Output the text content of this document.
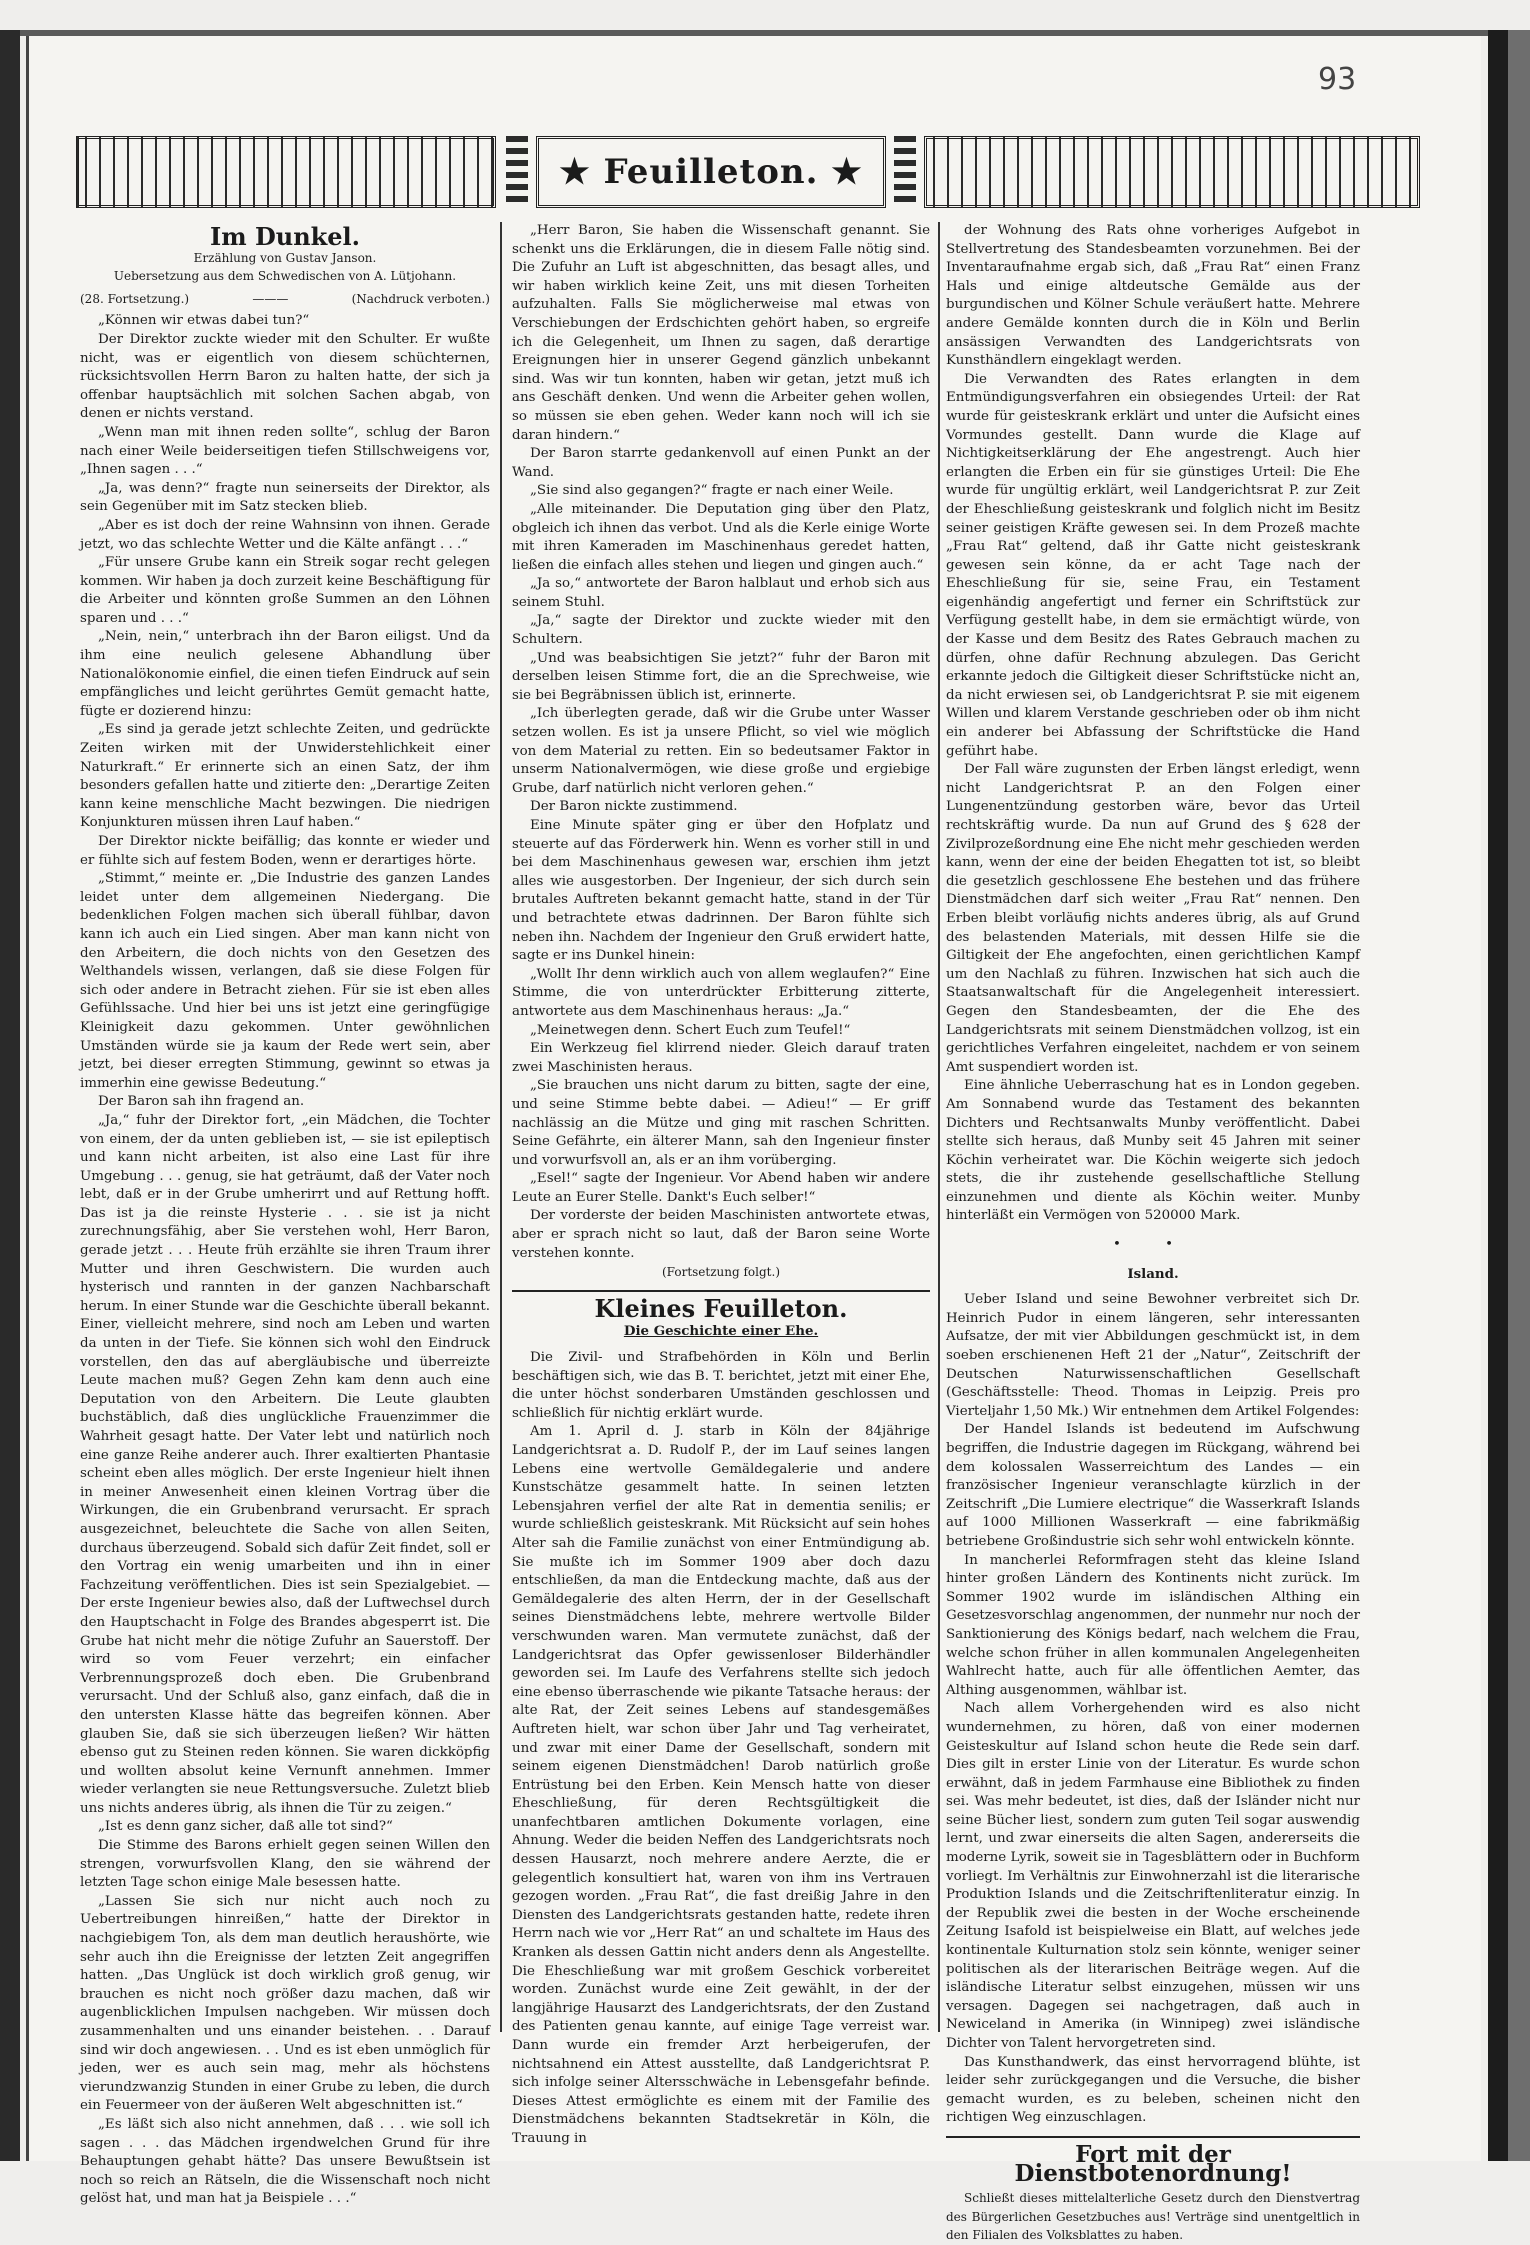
93
★ Feuilleton. ★
Im Dunkel.

Erzählung von Gustav Janson.

Uebersetzung aus dem Schwedischen von A. Lütjohann.

(28. Fortsetzung.)	———	(Nachdruck verboten.)

„Können wir etwas dabei tun?“

Der Direktor zuckte wieder mit den Schulter. Er wußte nicht, was er eigentlich von diesem schüchternen, rücksichtsvollen Herrn Baron zu halten hatte, der sich ja offenbar hauptsächlich mit solchen Sachen abgab, von denen er nichts verstand.

„Wenn man mit ihnen reden sollte“, schlug der Baron nach einer Weile beiderseitigen tiefen Stillschweigens vor, „Ihnen sagen . . .“

„Ja, was denn?“ fragte nun seinerseits der Direktor, als sein Gegenüber mit im Satz stecken blieb.

„Aber es ist doch der reine Wahnsinn von ihnen. Gerade jetzt, wo das schlechte Wetter und die Kälte anfängt . . .“

„Für unsere Grube kann ein Streik sogar recht gelegen kommen. Wir haben ja doch zurzeit keine Beschäftigung für die Arbeiter und könnten große Summen an den Löhnen sparen und . . .“

„Nein, nein,“ unterbrach ihn der Baron eiligst. Und da ihm eine neulich gelesene Abhandlung über Nationalökonomie einfiel, die einen tiefen Eindruck auf sein empfängliches und leicht gerührtes Gemüt gemacht hatte, fügte er dozierend hinzu:

„Es sind ja gerade jetzt schlechte Zeiten, und gedrückte Zeiten wirken mit der Unwiderstehlichkeit einer Naturkraft.“ Er erinnerte sich an einen Satz, der ihm besonders gefallen hatte und zitierte den: „Derartige Zeiten kann keine menschliche Macht bezwingen. Die niedrigen Konjunkturen müssen ihren Lauf haben.“

Der Direktor nickte beifällig; das konnte er wieder und er fühlte sich auf festem Boden, wenn er derartiges hörte.

„Stimmt,“ meinte er. „Die Industrie des ganzen Landes leidet unter dem allgemeinen Niedergang. Die bedenklichen Folgen machen sich überall fühlbar, davon kann ich auch ein Lied singen. Aber man kann nicht von den Arbeitern, die doch nichts von den Gesetzen des Welthandels wissen, verlangen, daß sie diese Folgen für sich oder andere in Betracht ziehen. Für sie ist eben alles Gefühlssache. Und hier bei uns ist jetzt eine geringfügige Kleinigkeit dazu gekommen. Unter gewöhnlichen Umständen würde sie ja kaum der Rede wert sein, aber jetzt, bei dieser erregten Stimmung, gewinnt so etwas ja immerhin eine gewisse Bedeutung.“

Der Baron sah ihn fragend an.

„Ja,“ fuhr der Direktor fort, „ein Mädchen, die Tochter von einem, der da unten geblieben ist, — sie ist epileptisch und kann nicht arbeiten, ist also eine Last für ihre Umgebung . . . genug, sie hat geträumt, daß der Vater noch lebt, daß er in der Grube umherirrt und auf Rettung hofft. Das ist ja die reinste Hysterie . . . sie ist ja nicht zurechnungsfähig, aber Sie verstehen wohl, Herr Baron, gerade jetzt . . . Heute früh erzählte sie ihren Traum ihrer Mutter und ihren Geschwistern. Die wurden auch hysterisch und rannten in der ganzen Nachbarschaft herum. In einer Stunde war die Geschichte überall bekannt. Einer, vielleicht mehrere, sind noch am Leben und warten da unten in der Tiefe. Sie können sich wohl den Eindruck vorstellen, den das auf abergläubische und überreizte Leute machen muß? Gegen Zehn kam denn auch eine Deputation von den Arbeitern. Die Leute glaubten buchstäblich, daß dies unglückliche Frauenzimmer die Wahrheit gesagt hatte. Der Vater lebt und natürlich noch eine ganze Reihe anderer auch. Ihrer exaltierten Phantasie scheint eben alles möglich. Der erste Ingenieur hielt ihnen in meiner Anwesenheit einen kleinen Vortrag über die Wirkungen, die ein Grubenbrand verursacht. Er sprach ausgezeichnet, beleuchtete die Sache von allen Seiten, durchaus überzeugend. Sobald sich dafür Zeit findet, soll er den Vortrag ein wenig umarbeiten und ihn in einer Fachzeitung veröffentlichen. Dies ist sein Spezialgebiet. — Der erste Ingenieur bewies also, daß der Luftwechsel durch den Hauptschacht in Folge des Brandes abgesperrt ist. Die Grube hat nicht mehr die nötige Zufuhr an Sauerstoff. Der wird so vom Feuer verzehrt; ein einfacher Verbrennungsprozeß doch eben. Die Grubenbrand verursacht. Und der Schluß also, ganz einfach, daß die in den untersten Klasse hätte das begreifen können. Aber glauben Sie, daß sie sich überzeugen ließen? Wir hätten ebenso gut zu Steinen reden können. Sie waren dickköpfig und wollten absolut keine Vernunft annehmen. Immer wieder verlangten sie neue Rettungsversuche. Zuletzt blieb uns nichts anderes übrig, als ihnen die Tür zu zeigen.“

„Ist es denn ganz sicher, daß alle tot sind?“

Die Stimme des Barons erhielt gegen seinen Willen den strengen, vorwurfsvollen Klang, den sie während der letzten Tage schon einige Male besessen hatte.

„Lassen Sie sich nur nicht auch noch zu Uebertreibungen hinreißen,“ hatte der Direktor in nachgiebigem Ton, als dem man deutlich heraushörte, wie sehr auch ihn die Ereignisse der letzten Zeit angegriffen hatten. „Das Unglück ist doch wirklich groß genug, wir brauchen es nicht noch größer dazu machen, daß wir augenblicklichen Impulsen nachgeben. Wir müssen doch zusammenhalten und uns einander beistehen. . . Darauf sind wir doch angewiesen. . . Und es ist eben unmöglich für jeden, wer es auch sein mag, mehr als höchstens vierundzwanzig Stunden in einer Grube zu leben, die durch ein Feuermeer von der äußeren Welt abgeschnitten ist.“

„Es läßt sich also nicht annehmen, daß . . . wie soll ich sagen . . . das Mädchen irgendwelchen Grund für ihre Behauptungen gehabt hätte? Das unsere Bewußtsein ist noch so reich an Rätseln, die die Wissenschaft noch nicht gelöst hat, und man hat ja Beispiele . . .“

„Herr Baron, Sie haben die Wissenschaft genannt. Sie schenkt uns die Erklärungen, die in diesem Falle nötig sind. Die Zufuhr an Luft ist abgeschnitten, das besagt alles, und wir haben wirklich keine Zeit, uns mit diesen Torheiten aufzuhalten. Falls Sie möglicherweise mal etwas von Verschiebungen der Erdschichten gehört haben, so ergreife ich die Gelegenheit, um Ihnen zu sagen, daß derartige Ereignungen hier in unserer Gegend gänzlich unbekannt sind. Was wir tun konnten, haben wir getan, jetzt muß ich ans Geschäft denken. Und wenn die Arbeiter gehen wollen, so müssen sie eben gehen. Weder kann noch will ich sie daran hindern.“

Der Baron starrte gedankenvoll auf einen Punkt an der Wand.

„Sie sind also gegangen?“ fragte er nach einer Weile.

„Alle miteinander. Die Deputation ging über den Platz, obgleich ich ihnen das verbot. Und als die Kerle einige Worte mit ihren Kameraden im Maschinenhaus geredet hatten, ließen die einfach alles stehen und liegen und gingen auch.“

„Ja so,“ antwortete der Baron halblaut und erhob sich aus seinem Stuhl.

„Ja,“ sagte der Direktor und zuckte wieder mit den Schultern.

„Und was beabsichtigen Sie jetzt?“ fuhr der Baron mit derselben leisen Stimme fort, die an die Sprechweise, wie sie bei Begräbnissen üblich ist, erinnerte.

„Ich überlegten gerade, daß wir die Grube unter Wasser setzen wollen. Es ist ja unsere Pflicht, so viel wie möglich von dem Material zu retten. Ein so bedeutsamer Faktor in unserm Nationalvermögen, wie diese große und ergiebige Grube, darf natürlich nicht verloren gehen.“

Der Baron nickte zustimmend.

Eine Minute später ging er über den Hofplatz und steuerte auf das Förderwerk hin. Wenn es vorher still in und bei dem Maschinenhaus gewesen war, erschien ihm jetzt alles wie ausgestorben. Der Ingenieur, der sich durch sein brutales Auftreten bekannt gemacht hatte, stand in der Tür und betrachtete etwas dadrinnen. Der Baron fühlte sich neben ihn. Nachdem der Ingenieur den Gruß erwidert hatte, sagte er ins Dunkel hinein:

„Wollt Ihr denn wirklich auch von allem weglaufen?“ Eine Stimme, die von unterdrückter Erbitterung zitterte, antwortete aus dem Maschinenhaus heraus: „Ja.“

„Meinetwegen denn. Schert Euch zum Teufel!“

Ein Werkzeug fiel klirrend nieder. Gleich darauf traten zwei Maschinisten heraus.

„Sie brauchen uns nicht darum zu bitten, sagte der eine, und seine Stimme bebte dabei. — Adieu!“ — Er griff nachlässig an die Mütze und ging mit raschen Schritten. Seine Gefährte, ein älterer Mann, sah den Ingenieur finster und vorwurfsvoll an, als er an ihm vorüberging.

„Esel!“ sagte der Ingenieur. Vor Abend haben wir andere Leute an Eurer Stelle. Dankt's Euch selber!“

Der vorderste der beiden Maschinisten antwortete etwas, aber er sprach nicht so laut, daß der Baron seine Worte verstehen konnte.

(Fortsetzung folgt.)

Kleines Feuilleton.
Die Geschichte einer Ehe.

Die Zivil- und Strafbehörden in Köln und Berlin beschäftigen sich, wie das B. T. berichtet, jetzt mit einer Ehe, die unter höchst sonderbaren Umständen geschlossen und schließlich für nichtig erklärt wurde.

Am 1. April d. J. starb in Köln der 84jährige Landgerichtsrat a. D. Rudolf P., der im Lauf seines langen Lebens eine wertvolle Gemäldegalerie und andere Kunstschätze gesammelt hatte. In seinen letzten Lebensjahren verfiel der alte Rat in dementia senilis; er wurde schließlich geisteskrank. Mit Rücksicht auf sein hohes Alter sah die Familie zunächst von einer Entmündigung ab. Sie mußte ich im Sommer 1909 aber doch dazu entschließen, da man die Entdeckung machte, daß aus der Gemäldegalerie des alten Herrn, der in der Gesellschaft seines Dienstmädchens lebte, mehrere wertvolle Bilder verschwunden waren. Man vermutete zunächst, daß der Landgerichtsrat das Opfer gewissenloser Bilderhändler geworden sei. Im Laufe des Verfahrens stellte sich jedoch eine ebenso überraschende wie pikante Tatsache heraus: der alte Rat, der Zeit seines Lebens auf standesgemäßes Auftreten hielt, war schon über Jahr und Tag verheiratet, und zwar mit einer Dame der Gesellschaft, sondern mit seinem eigenen Dienstmädchen! Darob natürlich große Entrüstung bei den Erben. Kein Mensch hatte von dieser Eheschließung, für deren Rechtsgültigkeit die unanfechtbaren amtlichen Dokumente vorlagen, eine Ahnung. Weder die beiden Neffen des Landgerichtsrats noch dessen Hausarzt, noch mehrere andere Aerzte, die er gelegentlich konsultiert hat, waren von ihm ins Vertrauen gezogen worden. „Frau Rat“, die fast dreißig Jahre in den Diensten des Landgerichtsrats gestanden hatte, redete ihren Herrn nach wie vor „Herr Rat“ an und schaltete im Haus des Kranken als dessen Gattin nicht anders denn als Angestellte. Die Eheschließung war mit großem Geschick vorbereitet worden. Zunächst wurde eine Zeit gewählt, in der der langjährige Hausarzt des Landgerichtsrats, der den Zustand des Patienten genau kannte, auf einige Tage verreist war. Dann wurde ein fremder Arzt herbeigerufen, der nichtsahnend ein Attest ausstellte, daß Landgerichtsrat P. sich infolge seiner Altersschwäche in Lebensgefahr befinde. Dieses Attest ermöglichte es einem mit der Familie des Dienstmädchens bekannten Stadtsekretär in Köln, die Trauung in

der Wohnung des Rats ohne vorheriges Aufgebot in Stellvertretung des Standesbeamten vorzunehmen. Bei der Inventaraufnahme ergab sich, daß „Frau Rat“ einen Franz Hals und einige altdeutsche Gemälde aus der burgundischen und Kölner Schule veräußert hatte. Mehrere andere Gemälde konnten durch die in Köln und Berlin ansässigen Verwandten des Landgerichtsrats von Kunsthändlern eingeklagt werden.

Die Verwandten des Rates erlangten in dem Entmündigungsverfahren ein obsiegendes Urteil: der Rat wurde für geisteskrank erklärt und unter die Aufsicht eines Vormundes gestellt. Dann wurde die Klage auf Nichtigkeitserklärung der Ehe angestrengt. Auch hier erlangten die Erben ein für sie günstiges Urteil: Die Ehe wurde für ungültig erklärt, weil Landgerichtsrat P. zur Zeit der Eheschließung geisteskrank und folglich nicht im Besitz seiner geistigen Kräfte gewesen sei. In dem Prozeß machte „Frau Rat“ geltend, daß ihr Gatte nicht geisteskrank gewesen sein könne, da er acht Tage nach der Eheschließung für sie, seine Frau, ein Testament eigenhändig angefertigt und ferner ein Schriftstück zur Verfügung gestellt habe, in dem sie ermächtigt würde, von der Kasse und dem Besitz des Rates Gebrauch machen zu dürfen, ohne dafür Rechnung abzulegen. Das Gericht erkannte jedoch die Giltigkeit dieser Schriftstücke nicht an, da nicht erwiesen sei, ob Landgerichtsrat P. sie mit eigenem Willen und klarem Verstande geschrieben oder ob ihm nicht ein anderer bei Abfassung der Schriftstücke die Hand geführt habe.

Der Fall wäre zugunsten der Erben längst erledigt, wenn nicht Landgerichtsrat P. an den Folgen einer Lungenentzündung gestorben wäre, bevor das Urteil rechtskräftig wurde. Da nun auf Grund des § 628 der Zivilprozeßordnung eine Ehe nicht mehr geschieden werden kann, wenn der eine der beiden Ehegatten tot ist, so bleibt die gesetzlich geschlossene Ehe bestehen und das frühere Dienstmädchen darf sich weiter „Frau Rat“ nennen. Den Erben bleibt vorläufig nichts anderes übrig, als auf Grund des belastenden Materials, mit dessen Hilfe sie die Giltigkeit der Ehe angefochten, einen gerichtlichen Kampf um den Nachlaß zu führen. Inzwischen hat sich auch die Staatsanwaltschaft für die Angelegenheit interessiert. Gegen den Standesbeamten, der die Ehe des Landgerichtsrats mit seinem Dienstmädchen vollzog, ist ein gerichtliches Verfahren eingeleitet, nachdem er von seinem Amt suspendiert worden ist.

Eine ähnliche Ueberraschung hat es in London gegeben. Am Sonnabend wurde das Testament des bekannten Dichters und Rechtsanwalts Munby veröffentlicht. Dabei stellte sich heraus, daß Munby seit 45 Jahren mit seiner Köchin verheiratet war. Die Köchin weigerte sich jedoch stets, die ihr zustehende gesellschaftliche Stellung einzunehmen und diente als Köchin weiter. Munby hinterläßt ein Vermögen von 520000 Mark.

• •
Island.

Ueber Island und seine Bewohner verbreitet sich Dr. Heinrich Pudor in einem längeren, sehr interessanten Aufsatze, der mit vier Abbildungen geschmückt ist, in dem soeben erschienenen Heft 21 der „Natur“, Zeitschrift der Deutschen Naturwissenschaftlichen Gesellschaft (Geschäftsstelle: Theod. Thomas in Leipzig. Preis pro Vierteljahr 1,50 Mk.) Wir entnehmen dem Artikel Folgendes:

Der Handel Islands ist bedeutend im Aufschwung begriffen, die Industrie dagegen im Rückgang, während bei dem kolossalen Wasserreichtum des Landes — ein französischer Ingenieur veranschlagte kürzlich in der Zeitschrift „Die Lumiere electrique“ die Wasserkraft Islands auf 1000 Millionen Wasserkraft — eine fabrikmäßig betriebene Großindustrie sich sehr wohl entwickeln könnte.

In mancherlei Reformfragen steht das kleine Island hinter großen Ländern des Kontinents nicht zurück. Im Sommer 1902 wurde im isländischen Althing ein Gesetzesvorschlag angenommen, der nunmehr nur noch der Sanktionierung des Königs bedarf, nach welchem die Frau, welche schon früher in allen kommunalen Angelegenheiten Wahlrecht hatte, auch für alle öffentlichen Aemter, das Althing ausgenommen, wählbar ist.

Nach allem Vorhergehenden wird es also nicht wundernehmen, zu hören, daß von einer modernen Geisteskultur auf Island schon heute die Rede sein darf. Dies gilt in erster Linie von der Literatur. Es wurde schon erwähnt, daß in jedem Farmhause eine Bibliothek zu finden sei. Was mehr bedeutet, ist dies, daß der Isländer nicht nur seine Bücher liest, sondern zum guten Teil sogar auswendig lernt, und zwar einerseits die alten Sagen, andererseits die moderne Lyrik, soweit sie in Tagesblättern oder in Buchform vorliegt. Im Verhältnis zur Einwohnerzahl ist die literarische Produktion Islands und die Zeitschriftenliteratur einzig. In der Republik zwei die besten in der Woche erscheinende Zeitung Isafold ist beispielweise ein Blatt, auf welches jede kontinentale Kulturnation stolz sein könnte, weniger seiner politischen als der literarischen Beiträge wegen. Auf die isländische Literatur selbst einzugehen, müssen wir uns versagen. Dagegen sei nachgetragen, daß auch in Newiceland in Amerika (in Winnipeg) zwei isländische Dichter von Talent hervorgetreten sind.

Das Kunsthandwerk, das einst hervorragend blühte, ist leider sehr zurückgegangen und die Versuche, die bisher gemacht wurden, es zu beleben, scheinen nicht den richtigen Weg einzuschlagen.

Fort mit der Dienstbotenordnung!

Schließt dieses mittelalterliche Gesetz durch den Dienstvertrag des Bürgerlichen Gesetzbuches aus! Verträge sind unentgeltlich in den Filialen des Volksblattes zu haben.
